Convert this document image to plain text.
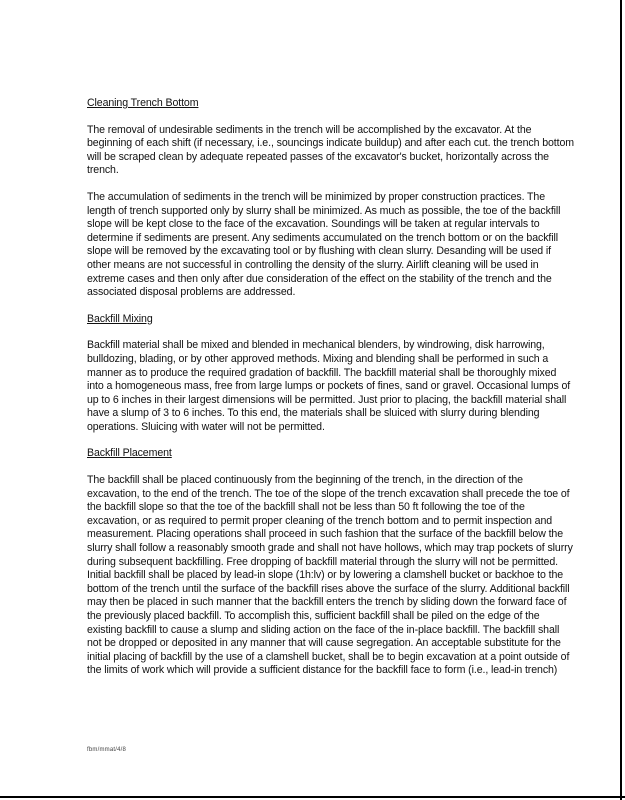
Cleaning Trench Bottom

The removal of undesirable sediments in the trench will be accomplished by the excavator. At the beginning of each shift (if necessary, i.e., souncings indicate buildup) and after each cut. the trench bottom will be scraped clean by adequate repeated passes of the excavator's bucket, horizontally across the trench.

The accumulation of sediments in the trench will be minimized by proper construction practices. The length of trench supported only by slurry shall be minimized. As much as possible, the toe of the backfill slope will be kept close to the face of the excavation. Soundings will be taken at regular intervals to determine if sediments are present. Any sediments accumulated on the trench bottom or on the backfill slope will be removed by the excavating tool or by flushing with clean slurry. Desanding will be used if other means are not successful in controlling the density of the slurry. Airlift cleaning will be used in extreme cases and then only after due consideration of the effect on the stability of the trench and the associated disposal problems are addressed.

Backfill Mixing

Backfill material shall be mixed and blended in mechanical blenders, by windrowing, disk harrowing, bulldozing, blading, or by other approved methods. Mixing and blending shall be performed in such a manner as to produce the required gradation of backfill. The backfill material shall be thoroughly mixed into a homogeneous mass, free from large lumps or pockets of fines, sand or gravel. Occasional lumps of up to 6 inches in their largest dimensions will be permitted. Just prior to placing, the backfill material shall have a slump of 3 to 6 inches. To this end, the materials shall be sluiced with slurry during blending operations. Sluicing with water will not be permitted.

Backfill Placement

The backfill shall be placed continuously from the beginning of the trench, in the direction of the excavation, to the end of the trench. The toe of the slope of the trench excavation shall precede the toe of the backfill slope so that the toe of the backfill shall not be less than 50 ft following the toe of the excavation, or as required to permit proper cleaning of the trench bottom and to permit inspection and measurement. Placing operations shall proceed in such fashion that the surface of the backfill below the slurry shall follow a reasonably smooth grade and shall not have hollows, which may trap pockets of slurry during subsequent backfilling. Free dropping of backfill material through the slurry will not be permitted. Initial backfill shall be placed by lead-in slope (1h:lv) or by lowering a clamshell bucket or backhoe to the bottom of the trench until the surface of the backfill rises above the surface of the slurry. Additional backfill may then be placed in such manner that the backfill enters the trench by sliding down the forward face of the previously placed backfill. To accomplish this, sufficient backfill shall be piled on the edge of the existing backfill to cause a slump and sliding action on the face of the in-place backfill. The backfill shall not be dropped or deposited in any manner that will cause segregation. An acceptable substitute for the initial placing of backfill by the use of a clamshell bucket, shall be to begin excavation at a point outside of the limits of work which will provide a sufficient distance for the backfill face to form (i.e., lead-in trench)

fbm/mmat/4/8
